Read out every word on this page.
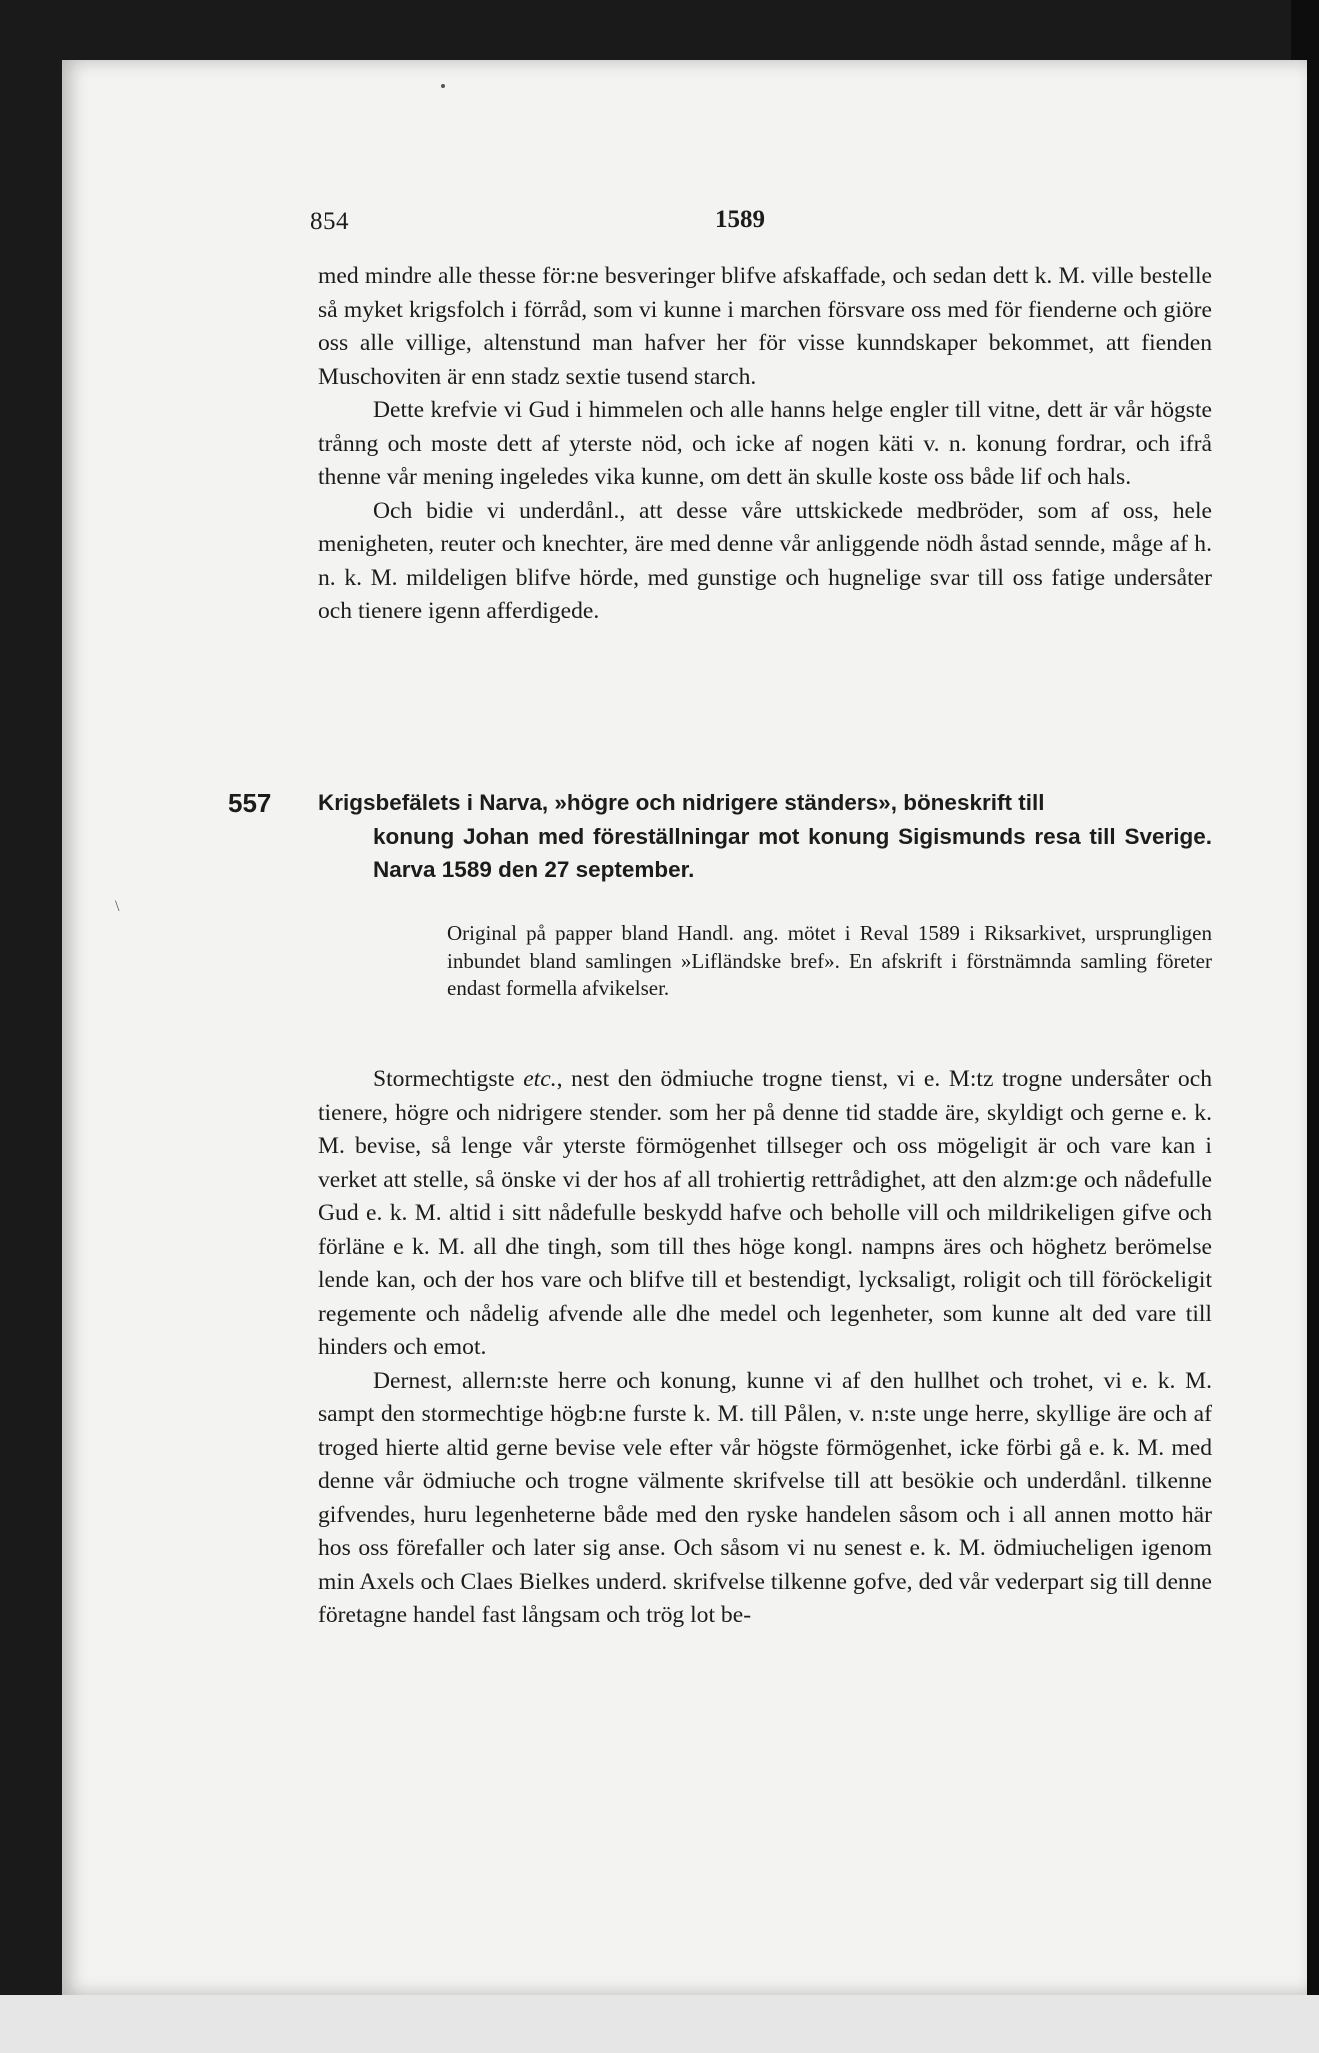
\
854	1589

med mindre alle thesse för:ne besveringer blifve afskaffade, och sedan dett k. M. ville bestelle så myket krigsfolch i förråd, som vi kunne i marchen försvare oss med för fienderne och giöre oss alle villige, altenstund man hafver her för visse kunndskaper bekommet, att fienden Muschoviten är enn stadz sextie tusend starch.

Dette krefvie vi Gud i himmelen och alle hanns helge engler till vitne, dett är vår högste trånng och moste dett af yterste nöd, och icke af nogen käti v. n. konung fordrar, och ifrå thenne vår mening ingeledes vika kunne, om dett än skulle koste oss både lif och hals.

Och bidie vi underdånl., att desse våre uttskickede medbröder, som af oss, hele menigheten, reuter och knechter, äre med denne vår anliggende nödh åstad sennde, måge af h. n. k. M. mildeligen blifve hörde, med gunstige och hugnelige svar till oss fatige undersåter och tienere igenn afferdigede.

557 Krigsbefälets i Narva, »högre och nidrigere ständers», böneskrift till
konung Johan med föreställningar mot konung Sigismunds resa till Sverige. Narva 1589 den 27 september.
Original på papper bland Handl. ang. mötet i Reval 1589 i Riksarkivet, ursprungligen inbundet bland samlingen »Lifländske bref». En afskrift i förstnämnda samling företer endast formella afvikelser.

Stormechtigste etc., nest den ödmiuche trogne tienst, vi e. M:tz trogne undersåter och tienere, högre och nidrigere stender. som her på denne tid stadde äre, skyldigt och gerne e. k. M. bevise, så lenge vår yterste förmögenhet tillseger och oss mögeligit är och vare kan i verket att stelle, så önske vi der hos af all trohiertig rettrådighet, att den alzm:ge och nådefulle Gud e. k. M. altid i sitt nådefulle beskydd hafve och beholle vill och mildrikeligen gifve och förläne e k. M. all dhe tingh, som till thes höge kongl. nampns äres och höghetz berömelse lende kan, och der hos vare och blifve till et bestendigt, lycksaligt, roligit och till föröckeligit regemente och nådelig afvende alle dhe medel och legenheter, som kunne alt ded vare till hinders och emot.

Dernest, allern:ste herre och konung, kunne vi af den hullhet och trohet, vi e. k. M. sampt den stormechtige högb:ne furste k. M. till Pålen, v. n:ste unge herre, skyllige äre och af troged hierte altid gerne bevise vele efter vår högste förmögenhet, icke förbi gå e. k. M. med denne vår ödmiuche och trogne välmente skrifvelse till att besökie och underdånl. tilkenne gifvendes, huru legenheterne både med den ryske handelen såsom och i all annen motto här hos oss förefaller och later sig anse. Och såsom vi nu senest e. k. M. ödmiucheligen igenom min Axels och Claes Bielkes underd. skrifvelse tilkenne gofve, ded vår vederpart sig till denne företagne handel fast långsam och trög lot be-
